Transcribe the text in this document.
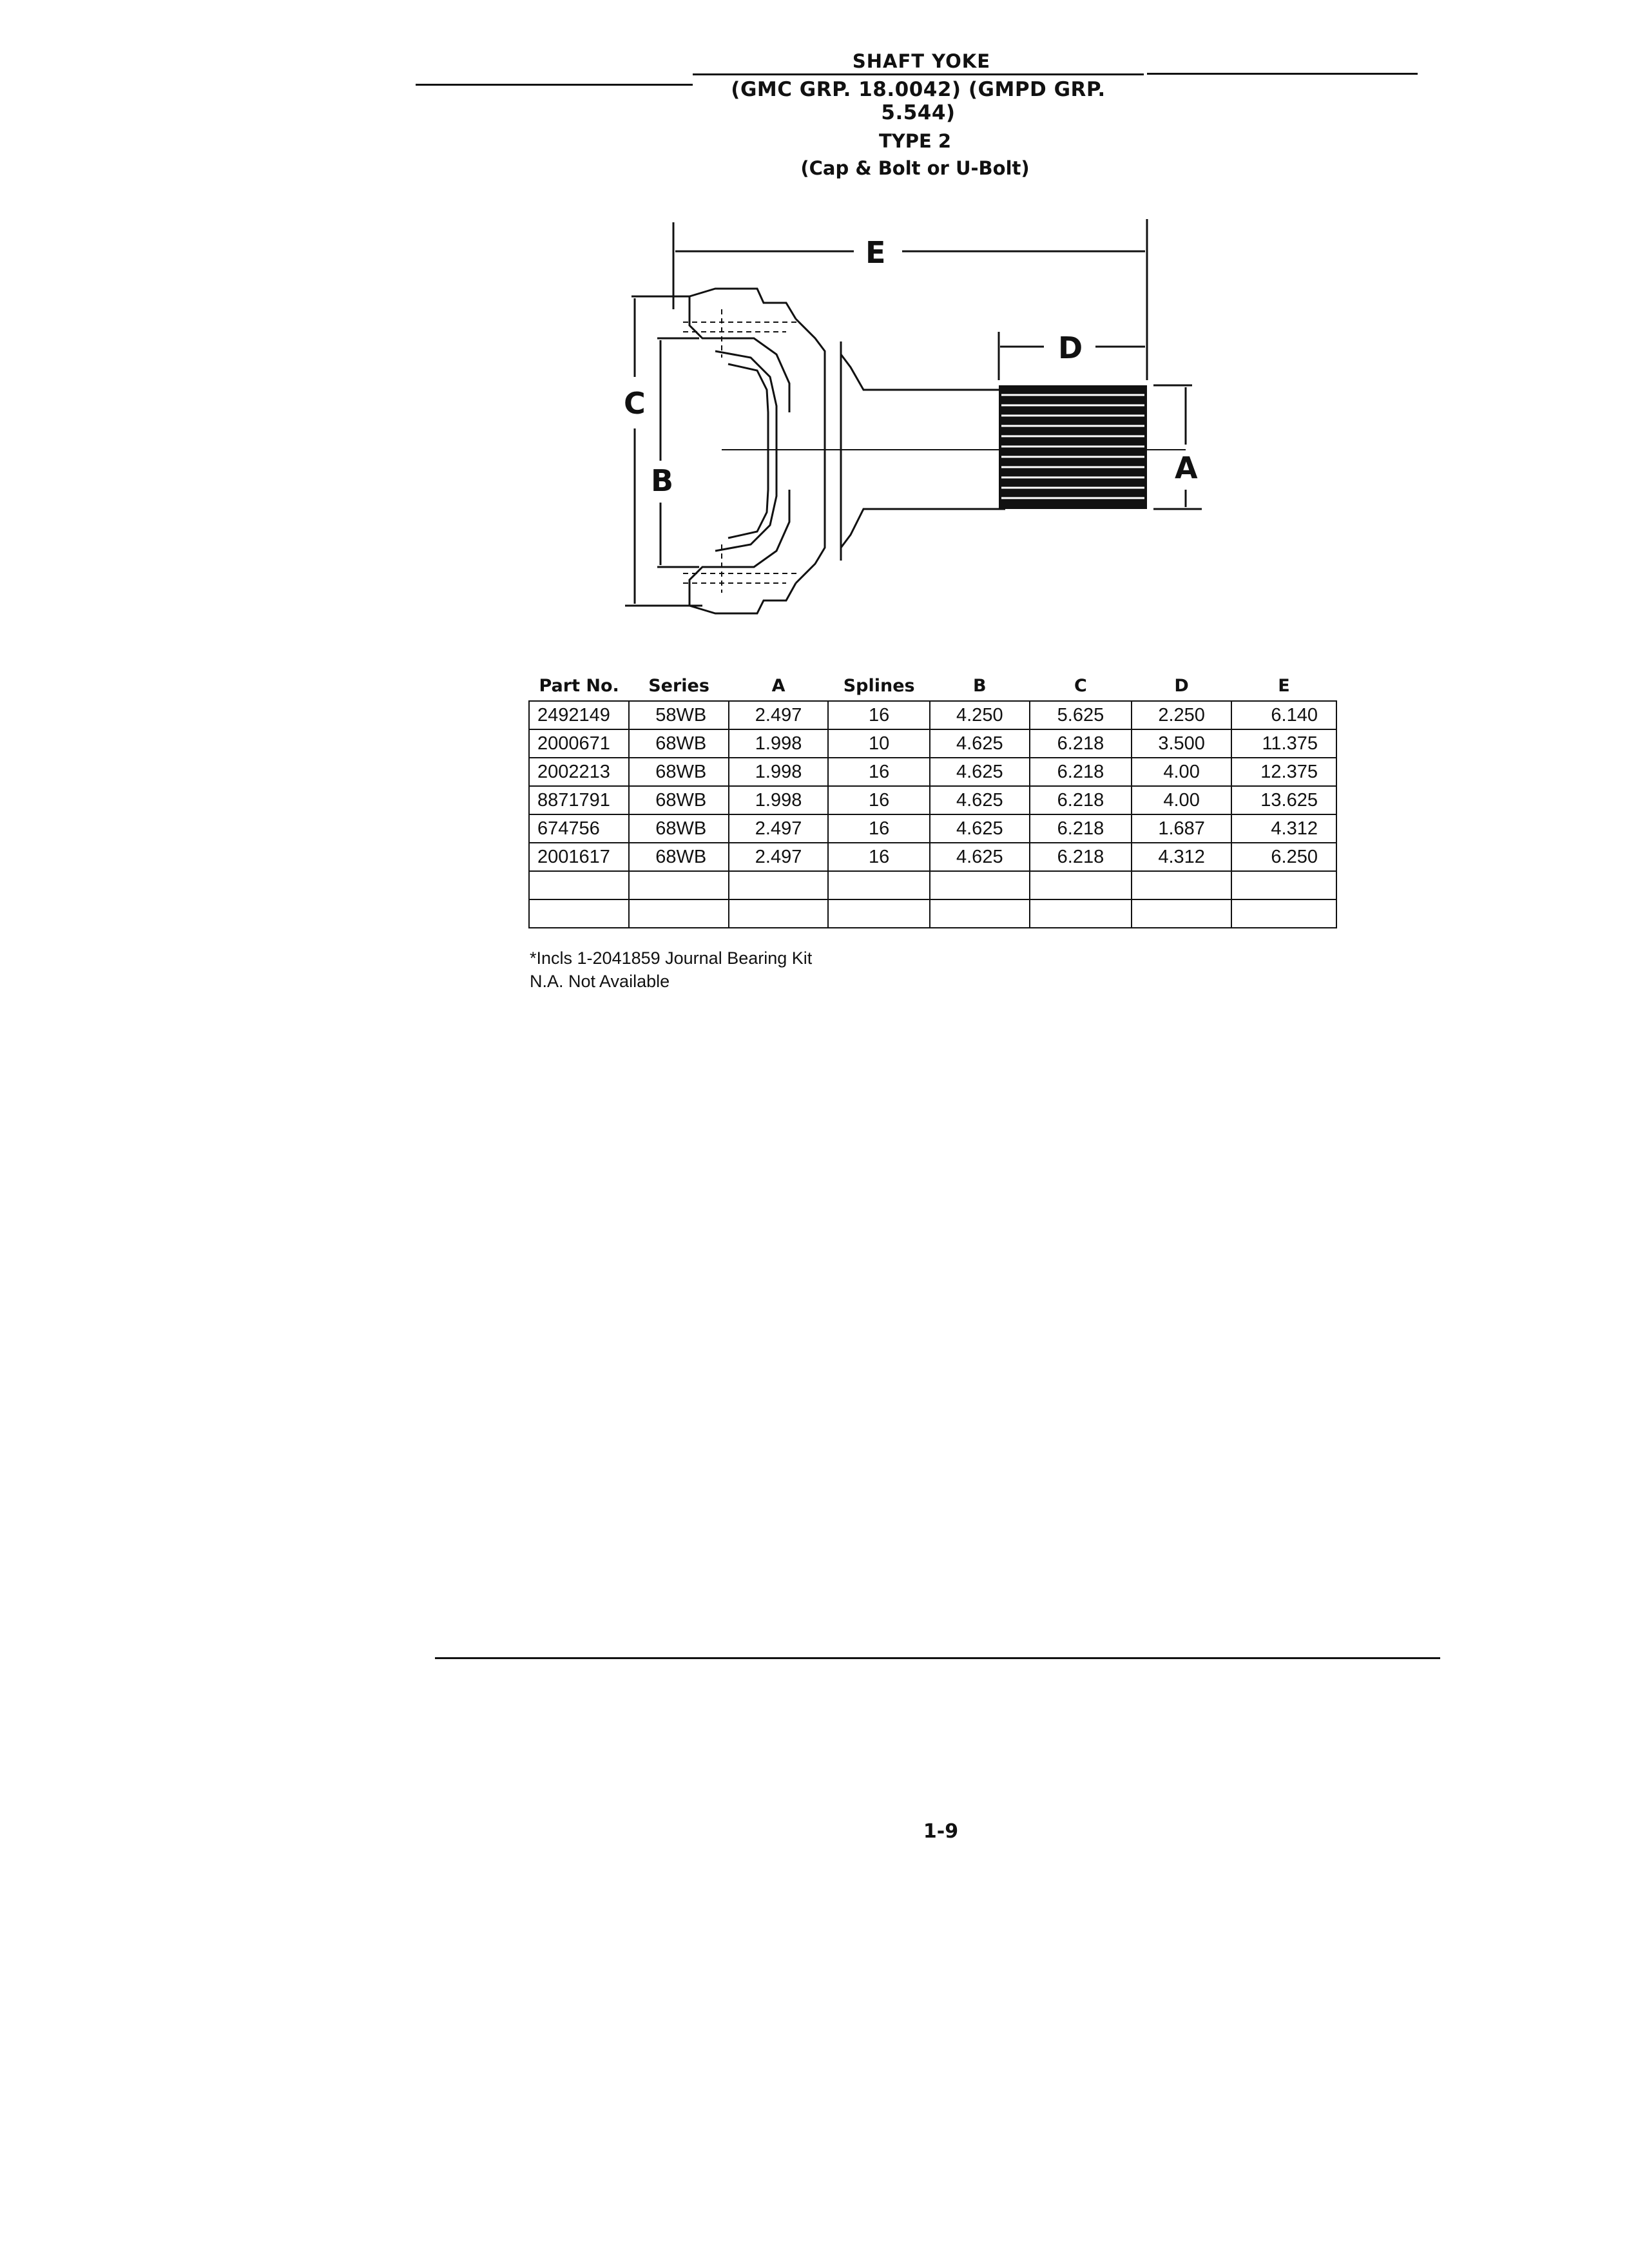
SHAFT YOKE
(GMC GRP. 18.0042) (GMPD GRP. 5.544)
TYPE 2
(Cap & Bolt or U-Bolt)
E
D
C
B	A
Part No.	Series	A	Splines	B	C	D	E
2492149	58WB	2.497	16	4.250	5.625	2.250	6.140
2000671	68WB	1.998	10	4.625	6.218	3.500	11.375
2002213	68WB	1.998	16	4.625	6.218	4.00	12.375
8871791	68WB	1.998	16	4.625	6.218	4.00	13.625
674756	68WB	2.497	16	4.625	6.218	1.687	4.312
2001617	68WB	2.497	16	4.625	6.218	4.312	6.250

*Incls 1-2041859 Journal Bearing Kit
N.A. Not Available
1-9
